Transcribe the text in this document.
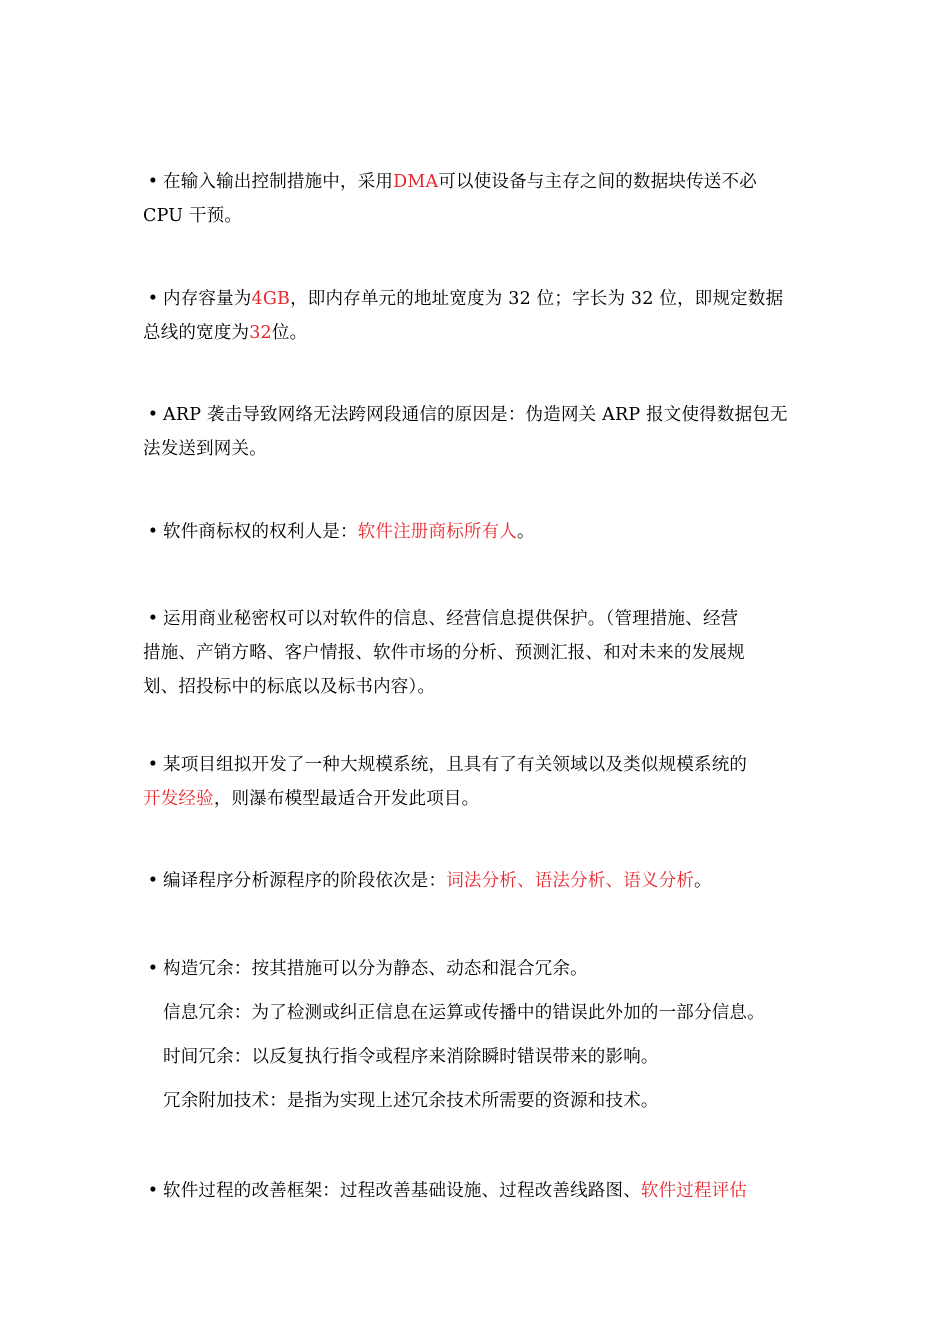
• 在输入输出控制措施中，采用DMA可以使设备与主存之间的数据块传送不必
CPU 干预。
• 内存容量为4GB，即内存单元的地址宽度为 32 位；字长为 32 位，即规定数据
总线的宽度为32位。
• ARP 袭击导致网络无法跨网段通信的原因是：伪造网关 ARP 报文使得数据包无
法发送到网关。
• 软件商标权的权利人是：软件注册商标所有人。
• 运用商业秘密权可以对软件的信息、经营信息提供保护。（管理措施、经营
措施、产销方略、客户情报、软件市场的分析、预测汇报、和对未来的发展规
划、招投标中的标底以及标书内容）。
• 某项目组拟开发了一种大规模系统，且具有了有关领域以及类似规模系统的
开发经验，则瀑布模型最适合开发此项目。
• 编译程序分析源程序的阶段依次是：词法分析、语法分析、语义分析。
• 构造冗余：按其措施可以分为静态、动态和混合冗余。
信息冗余：为了检测或纠正信息在运算或传播中的错误此外加的一部分信息。
时间冗余：以反复执行指令或程序来消除瞬时错误带来的影响。
冗余附加技术：是指为实现上述冗余技术所需要的资源和技术。
• 软件过程的改善框架：过程改善基础设施、过程改善线路图、软件过程评估
